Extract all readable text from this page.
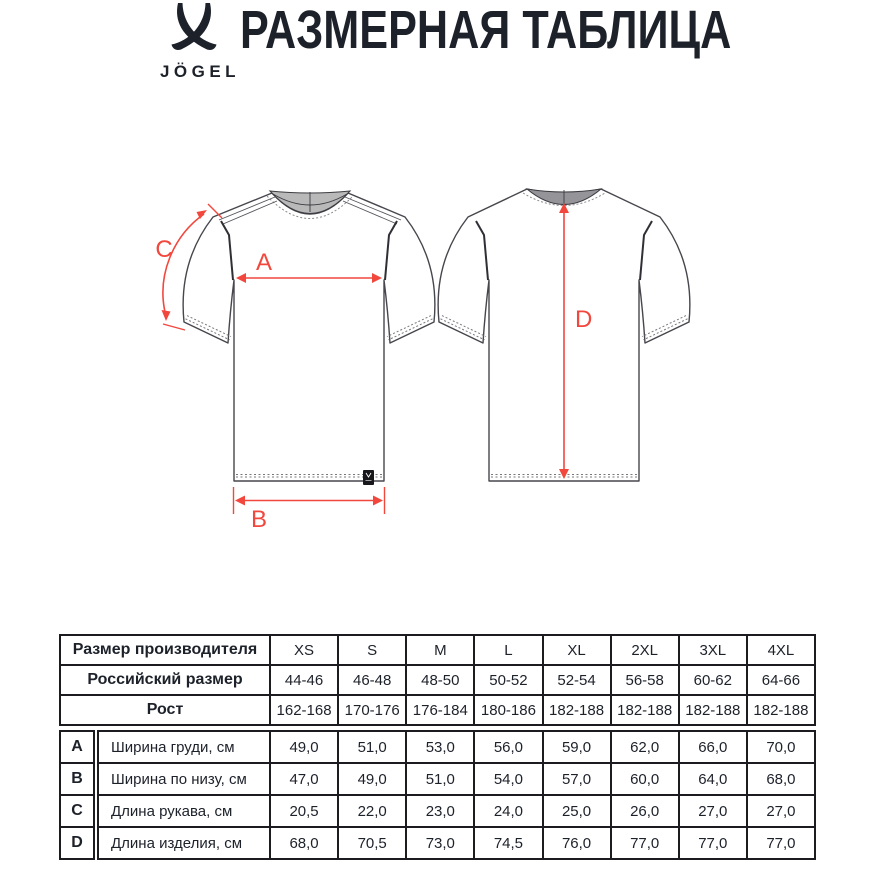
JÖGEL
РАЗМЕРНАЯ ТАБЛИЦА
A
B
C
D
Размер производителя	XS	S	M	L	XL	2XL	3XL	4XL
Российский размер	44-46	46-48	48-50	50-52	52-54	56-58	60-62	64-66
Рост	162-168	170-176	176-184	180-186	182-188	182-188	182-188	182-188
A		Ширина груди, см	49,0	51,0	53,0	56,0	59,0	62,0	66,0	70,0
B		Ширина по низу, см	47,0	49,0	51,0	54,0	57,0	60,0	64,0	68,0
C		Длина рукава, см	20,5	22,0	23,0	24,0	25,0	26,0	27,0	27,0
D		Длина изделия, см	68,0	70,5	73,0	74,5	76,0	77,0	77,0	77,0
